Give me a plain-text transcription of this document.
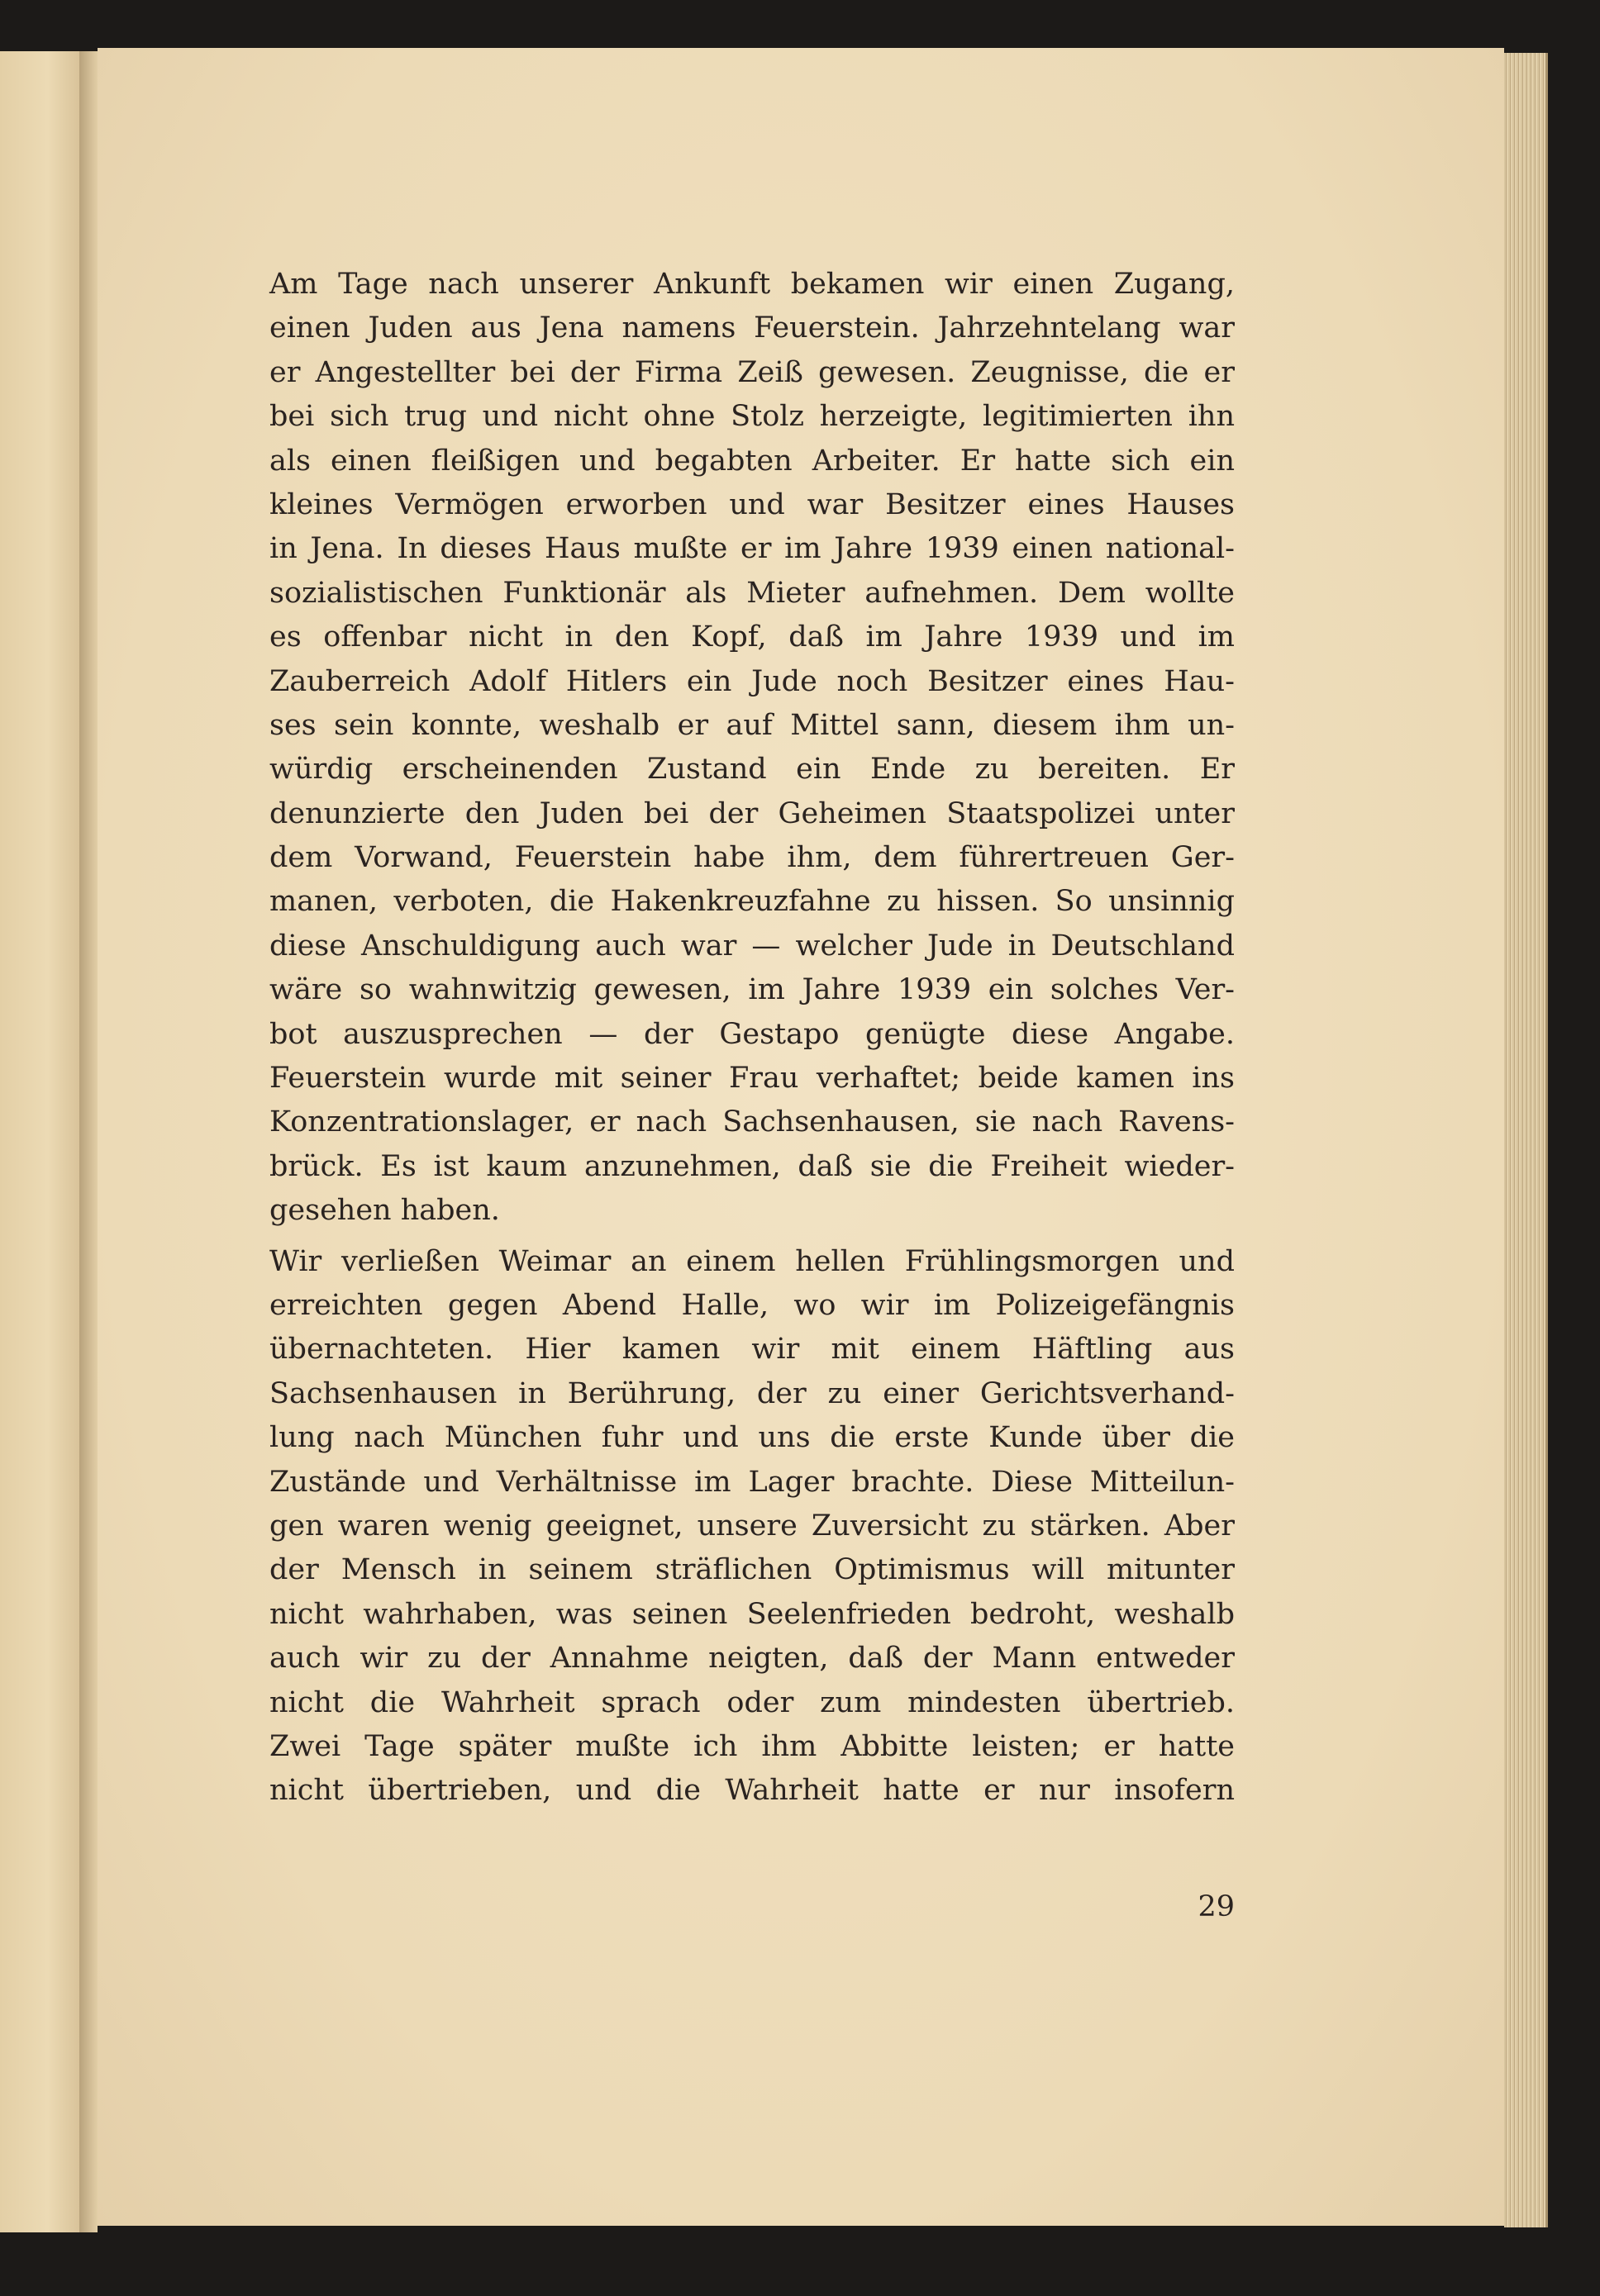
Am Tage nach unserer Ankunft bekamen wir einen Zugang,
einen Juden aus Jena namens Feuerstein. Jahrzehntelang war
er Angestellter bei der Firma Zeiß gewesen. Zeugnisse, die er
bei sich trug und nicht ohne Stolz herzeigte, legitimierten ihn
als einen fleißigen und begabten Arbeiter. Er hatte sich ein
kleines Vermögen erworben und war Besitzer eines Hauses
in Jena. In dieses Haus mußte er im Jahre 1939 einen national-
sozialistischen Funktionär als Mieter aufnehmen. Dem wollte
es offenbar nicht in den Kopf, daß im Jahre 1939 und im
Zauberreich Adolf Hitlers ein Jude noch Besitzer eines Hau-
ses sein konnte, weshalb er auf Mittel sann, diesem ihm un-
würdig erscheinenden Zustand ein Ende zu bereiten. Er
denunzierte den Juden bei der Geheimen Staatspolizei unter
dem Vorwand, Feuerstein habe ihm, dem führertreuen Ger-
manen, verboten, die Hakenkreuzfahne zu hissen. So unsinnig
diese Anschuldigung auch war — welcher Jude in Deutschland
wäre so wahnwitzig gewesen, im Jahre 1939 ein solches Ver-
bot auszusprechen — der Gestapo genügte diese Angabe.
Feuerstein wurde mit seiner Frau verhaftet; beide kamen ins
Konzentrationslager, er nach Sachsenhausen, sie nach Ravens-
brück. Es ist kaum anzunehmen, daß sie die Freiheit wieder-
gesehen haben.
Wir verließen Weimar an einem hellen Frühlingsmorgen und
erreichten gegen Abend Halle, wo wir im Polizeigefängnis
übernachteten. Hier kamen wir mit einem Häftling aus
Sachsenhausen in Berührung, der zu einer Gerichtsverhand-
lung nach München fuhr und uns die erste Kunde über die
Zustände und Verhältnisse im Lager brachte. Diese Mitteilun-
gen waren wenig geeignet, unsere Zuversicht zu stärken. Aber
der Mensch in seinem sträflichen Optimismus will mitunter
nicht wahrhaben, was seinen Seelenfrieden bedroht, weshalb
auch wir zu der Annahme neigten, daß der Mann entweder
nicht die Wahrheit sprach oder zum mindesten übertrieb.
Zwei Tage später mußte ich ihm Abbitte leisten; er hatte
nicht übertrieben, und die Wahrheit hatte er nur insofern
29
